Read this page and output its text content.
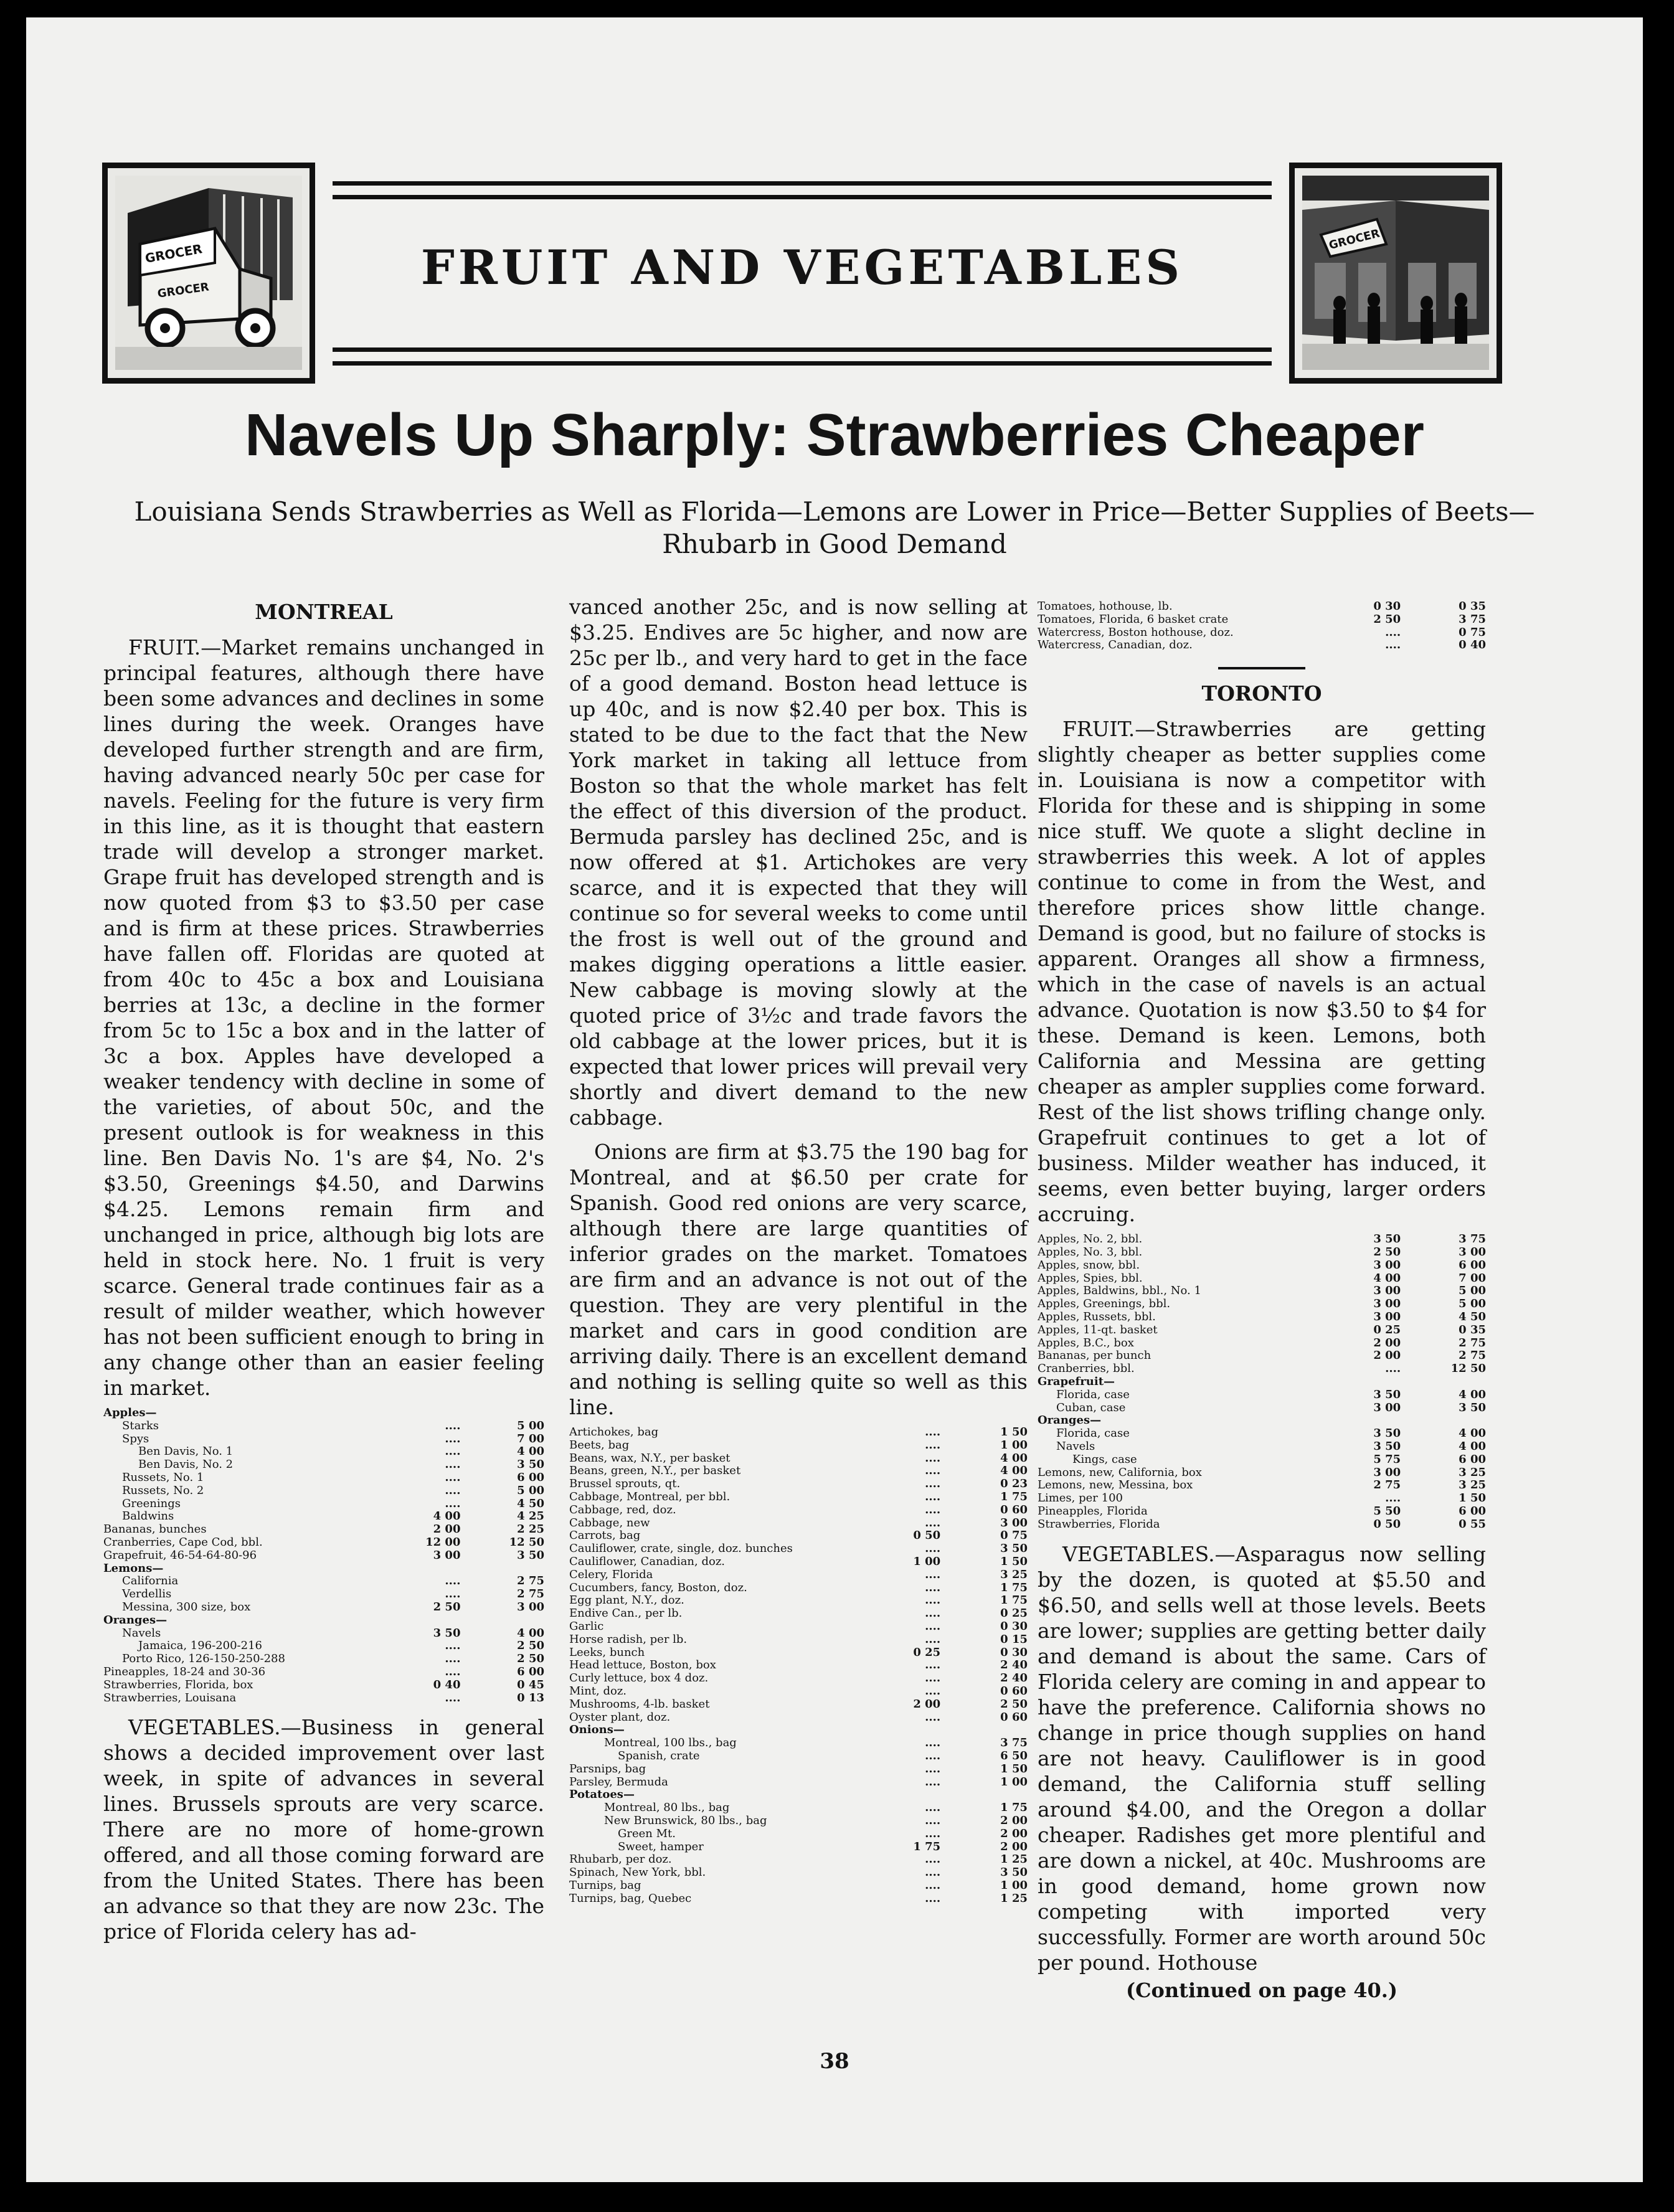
GROCER
GROCER	FRUIT AND VEGETABLES
GROCER
Navels Up Sharply: Strawberries Cheaper
Louisiana Sends Strawberries as Well as Florida—Lemons are Lower in Price—Better Supplies of Beets—Rhubarb in Good Demand
MONTREAL

FRUIT.—Market remains unchanged in principal features, although there have been some advances and declines in some lines during the week. Oranges have developed further strength and are firm, having advanced nearly 50c per case for navels. Feeling for the future is very firm in this line, as it is thought that eastern trade will develop a stronger market. Grape fruit has developed strength and is now quoted from $3 to $3.50 per case and is firm at these prices. Strawberries have fallen off. Floridas are quoted at from 40c to 45c a box and Louisiana berries at 13c, a decline in the former from 5c to 15c a box and in the latter of 3c a box. Apples have developed a weaker tendency with decline in some of the varieties, of about 50c, and the present outlook is for weakness in this line. Ben Davis No. 1's are $4, No. 2's $3.50, Greenings $4.50, and Darwins $4.25. Lemons remain firm and unchanged in price, although big lots are held in stock here. No. 1 fruit is very scarce. General trade continues fair as a result of milder weather, which however has not been sufficient enough to bring in any change other than an easier feeling in market.

Apples—		
Starks	....	5 00
Spys	....	7 00
Ben Davis, No. 1	....	4 00
Ben Davis, No. 2	....	3 50
Russets, No. 1	....	6 00
Russets, No. 2	....	5 00
Greenings	....	4 50
Baldwins	4 00	4 25
Bananas, bunches	2 00	2 25
Cranberries, Cape Cod, bbl.	12 00	12 50
Grapefruit, 46-54-64-80-96	3 00	3 50
Lemons—		
California	....	2 75
Verdellis	....	2 75
Messina, 300 size, box	2 50	3 00
Oranges—		
Navels	3 50	4 00
Jamaica, 196-200-216	....	2 50
Porto Rico, 126-150-250-288	....	2 50
Pineapples, 18-24 and 30-36	....	6 00
Strawberries, Florida, box	0 40	0 45
Strawberries, Louisana	....	0 13

VEGETABLES.—Business in general shows a decided improvement over last week, in spite of advances in several lines. Brussels sprouts are very scarce. There are no more of home-grown offered, and all those coming forward are from the United States. There has been an advance so that they are now 23c. The price of Florida celery has ad-

vanced another 25c, and is now selling at $3.25. Endives are 5c higher, and now are 25c per lb., and very hard to get in the face of a good demand. Boston head lettuce is up 40c, and is now $2.40 per box. This is stated to be due to the fact that the New York market in taking all lettuce from Boston so that the whole market has felt the effect of this diversion of the product. Bermuda parsley has declined 25c, and is now offered at $1. Artichokes are very scarce, and it is expected that they will continue so for several weeks to come until the frost is well out of the ground and makes digging operations a little easier. New cabbage is moving slowly at the quoted price of 3½c and trade favors the old cabbage at the lower prices, but it is expected that lower prices will prevail very shortly and divert demand to the new cabbage.

Onions are firm at $3.75 the 190 bag for Montreal, and at $6.50 per crate for Spanish. Good red onions are very scarce, although there are large quantities of inferior grades on the market. Tomatoes are firm and an advance is not out of the question. They are very plentiful in the market and cars in good condition are arriving daily. There is an excellent demand and nothing is selling quite so well as this line.

Artichokes, bag	....	1 50
Beets, bag	....	1 00
Beans, wax, N.Y., per basket	....	4 00
Beans, green, N.Y., per basket	....	4 00
Brussel sprouts, qt.	....	0 23
Cabbage, Montreal, per bbl.	....	1 75
Cabbage, red, doz.	....	0 60
Cabbage, new	....	3 00
Carrots, bag	0 50	0 75
Cauliflower, crate, single, doz. bunches	....	3 50
Cauliflower, Canadian, doz.	1 00	1 50
Celery, Florida	....	3 25
Cucumbers, fancy, Boston, doz.	....	1 75
Egg plant, N.Y., doz.	....	1 75
Endive Can., per lb.	....	0 25
Garlic	....	0 30
Horse radish, per lb.	....	0 15
Leeks, bunch	0 25	0 30
Head lettuce, Boston, box	....	2 40
Curly lettuce, box 4 doz.	....	2 40
Mint, doz.	....	0 60
Mushrooms, 4-lb. basket	2 00	2 50
Oyster plant, doz.	....	0 60
Onions—		
Montreal, 100 lbs., bag	....	3 75
Spanish, crate	....	6 50
Parsnips, bag	....	1 50
Parsley, Bermuda	....	1 00
Potatoes—		
Montreal, 80 lbs., bag	....	1 75
New Brunswick, 80 lbs., bag	....	2 00
Green Mt.	....	2 00
Sweet, hamper	1 75	2 00
Rhubarb, per doz.	....	1 25
Spinach, New York, bbl.	....	3 50
Turnips, bag	....	1 00
Turnips, bag, Quebec	....	1 25
Tomatoes, hothouse, lb.	0 30	0 35
Tomatoes, Florida, 6 basket crate	2 50	3 75
Watercress, Boston hothouse, doz.	....	0 75
Watercress, Canadian, doz.	....	0 40
TORONTO

FRUIT.—Strawberries are getting slightly cheaper as better supplies come in. Louisiana is now a competitor with Florida for these and is shipping in some nice stuff. We quote a slight decline in strawberries this week. A lot of apples continue to come in from the West, and therefore prices show little change. Demand is good, but no failure of stocks is apparent. Oranges all show a firmness, which in the case of navels is an actual advance. Quotation is now $3.50 to $4 for these. Demand is keen. Lemons, both California and Messina are getting cheaper as ampler supplies come forward. Rest of the list shows trifling change only. Grapefruit continues to get a lot of business. Milder weather has induced, it seems, even better buying, larger orders accruing.

Apples, No. 2, bbl.	3 50	3 75
Apples, No. 3, bbl.	2 50	3 00
Apples, snow, bbl.	3 00	6 00
Apples, Spies, bbl.	4 00	7 00
Apples, Baldwins, bbl., No. 1	3 00	5 00
Apples, Greenings, bbl.	3 00	5 00
Apples, Russets, bbl.	3 00	4 50
Apples, 11-qt. basket	0 25	0 35
Apples, B.C., box	2 00	2 75
Bananas, per bunch	2 00	2 75
Cranberries, bbl.	....	12 50
Grapefruit—		
Florida, case	3 50	4 00
Cuban, case	3 00	3 50
Oranges—		
Florida, case	3 50	4 00
Navels	3 50	4 00
Kings, case	5 75	6 00
Lemons, new, California, box	3 00	3 25
Lemons, new, Messina, box	2 75	3 25
Limes, per 100	....	1 50
Pineapples, Florida	5 50	6 00
Strawberries, Florida	0 50	0 55

VEGETABLES.—Asparagus now selling by the dozen, is quoted at $5.50 and $6.50, and sells well at those levels. Beets are lower; supplies are getting better daily and demand is about the same. Cars of Florida celery are coming in and appear to have the preference. California shows no change in price though supplies on hand are not heavy. Cauliflower is in good demand, the California stuff selling around $4.00, and the Oregon a dollar cheaper. Radishes get more plentiful and are down a nickel, at 40c. Mushrooms are in good demand, home grown now competing with imported very successfully. Former are worth around 50c per pound. Hothouse

(Continued on page 40.)
38
